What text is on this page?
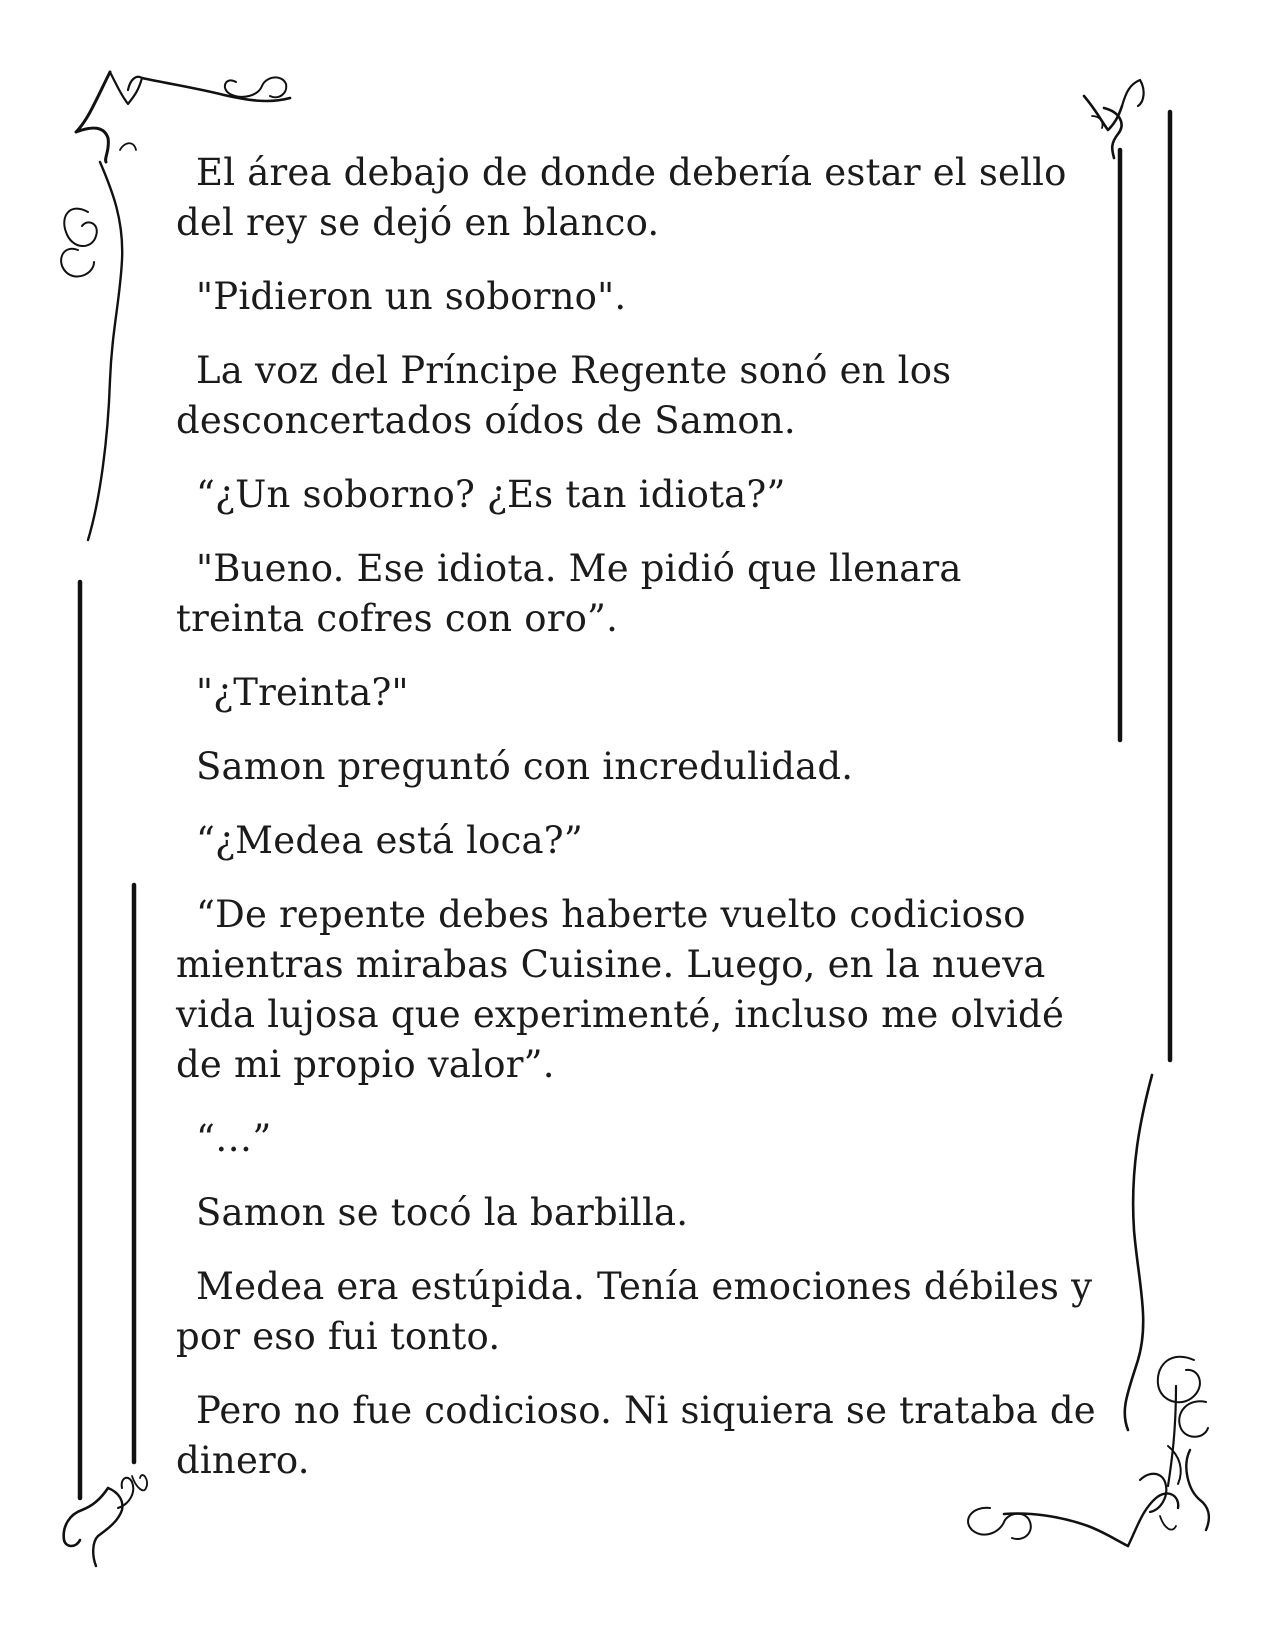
El área debajo de donde debería estar el sello del rey se dejó en blanco.

"Pidieron un soborno".

La voz del Príncipe Regente sonó en los desconcertados oídos de Samon.

“¿Un soborno? ¿Es tan idiota?”

"Bueno. Ese idiota. Me pidió que llenara treinta cofres con oro”.

"¿Treinta?"

Samon preguntó con incredulidad.

“¿Medea está loca?”

“De repente debes haberte vuelto codicioso mientras mirabas Cuisine. Luego, en la nueva vida lujosa que experimenté, incluso me olvidé de mi propio valor”.

“…”

Samon se tocó la barbilla.

Medea era estúpida. Tenía emociones débiles y por eso fui tonto.

Pero no fue codicioso. Ni siquiera se trataba de dinero.
